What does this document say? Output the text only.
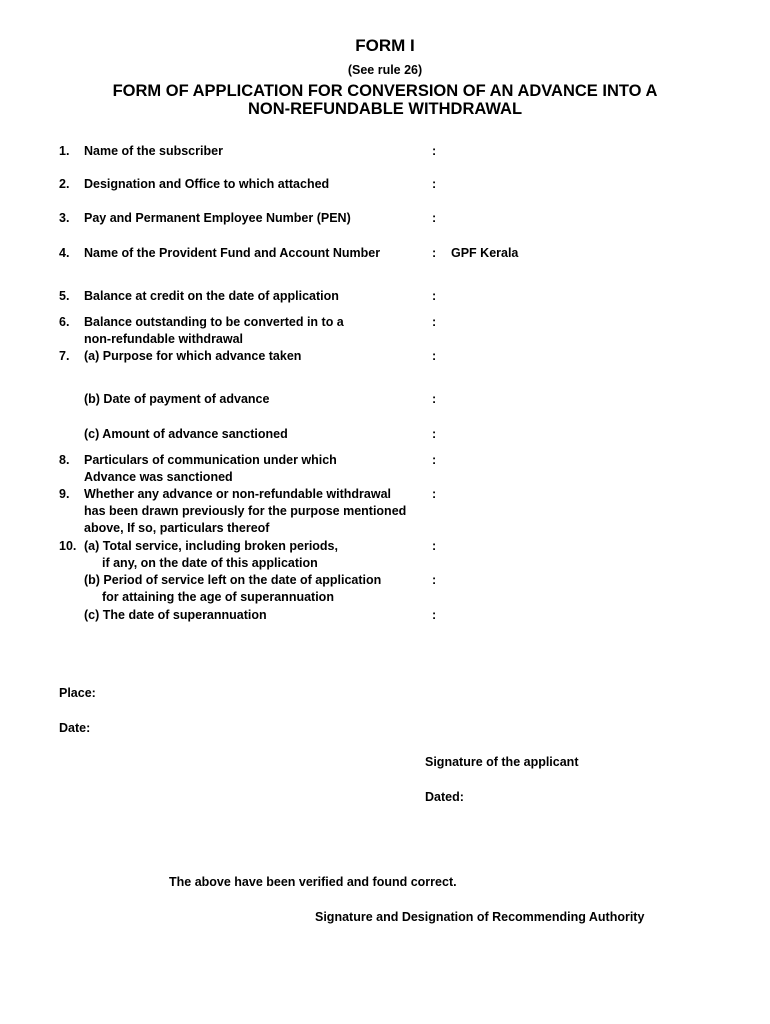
FORM I
(See rule 26)
FORM OF APPLICATION FOR CONVERSION OF AN ADVANCE INTO A
NON-REFUNDABLE WITHDRAWAL
1. Name of the subscriber	:
2. Designation and Office to which attached	:
3. Pay and Permanent Employee Number (PEN)	:
4. Name of the Provident Fund and Account Number	: GPF Kerala
5. Balance at credit on the date of application	:
6. Balance outstanding to be converted in to a
non-refundable withdrawal
:
7. (a) Purpose for which advance taken	:
(b) Date of payment of advance	:
(c) Amount of advance sanctioned	:
8. Particulars of communication under which
Advance was sanctioned
:
9. Whether any advance or non-refundable withdrawal
has been drawn previously for the purpose mentioned
above, If so, particulars thereof
:
10. (a) Total service, including broken periods,
if any, on the date of this application
:
(b) Period of service left on the date of application
for attaining the age of superannuation
:
(c) The date of superannuation	:
Place:
Date:
Signature of the applicant
Dated:
The above have been verified and found correct.
Signature and Designation of Recommending Authority
